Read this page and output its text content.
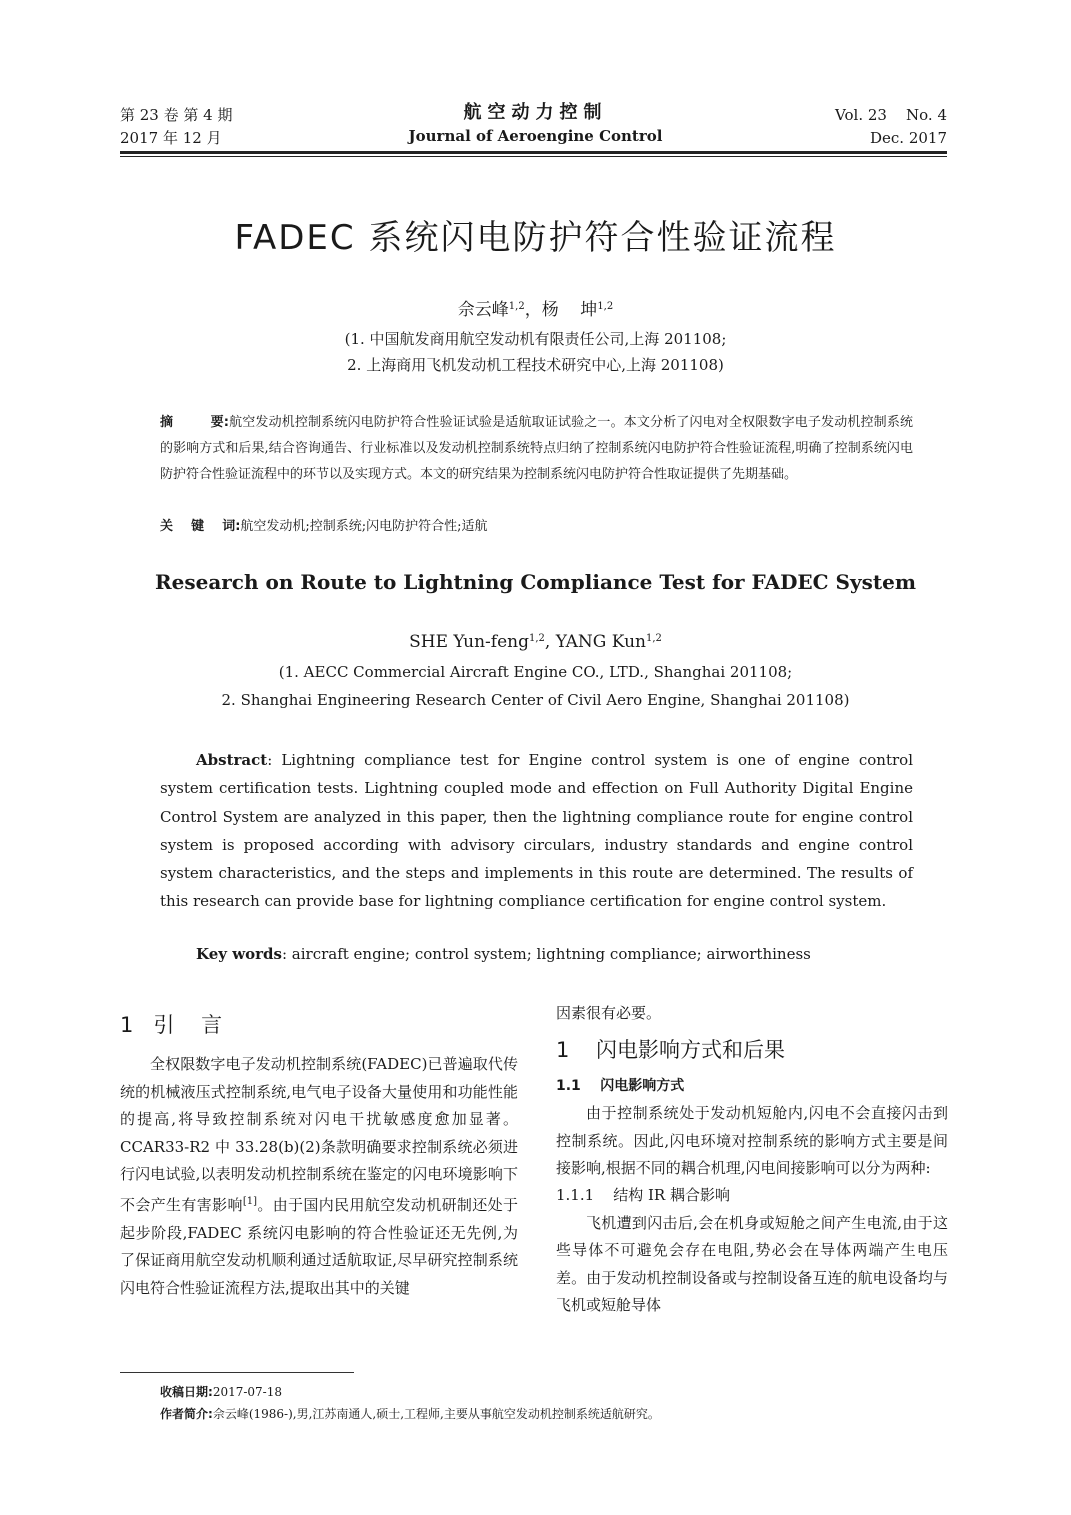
第 23 卷 第 4 期
2017 年 12 月
航空动力控制
Journal of Aeroengine Control
Vol. 23    No. 4
Dec. 2017
FADEC 系统闪电防护符合性验证流程
佘云峰$^{1,2}$，杨    坤$^{1,2}$
(1. 中国航发商用航空发动机有限责任公司,上海 201108;
2. 上海商用飞机发动机工程技术研究中心,上海 201108)
摘        要:航空发动机控制系统闪电防护符合性验证试验是适航取证试验之一。本文分析了闪电对全权限数字电子发动机控制系统的影响方式和后果,结合咨询通告、行业标准以及发动机控制系统特点归纳了控制系统闪电防护符合性验证流程,明确了控制系统闪电防护符合性验证流程中的环节以及实现方式。本文的研究结果为控制系统闪电防护符合性取证提供了先期基础。
关    键    词:航空发动机;控制系统;闪电防护符合性;适航
Research on Route to Lightning Compliance Test for FADEC System
SHE Yun-feng$^{1,2}$, YANG Kun$^{1,2}$
(1. AECC Commercial Aircraft Engine CO., LTD., Shanghai 201108;
2. Shanghai Engineering Research Center of Civil Aero Engine, Shanghai 201108)

Abstract: Lightning compliance test for Engine control system is one of engine control system certification tests. Lightning coupled mode and effection on Full Authority Digital Engine Control System are analyzed in this paper, then the lightning compliance route for engine control system is proposed according with advisory circulars, industry standards and engine control system characteristics, and the steps and implements in this route are determined. The results of this research can provide base for lightning compliance certification for engine control system.

Key words: aircraft engine; control system; lightning compliance; airworthiness
1   引    言

全权限数字电子发动机控制系统(FADEC)已普遍取代传统的机械液压式控制系统,电气电子设备大量使用和功能性能的提高,将导致控制系统对闪电干扰敏感度愈加显著。CCAR33-R2 中 33.28(b)(2)条款明确要求控制系统必须进行闪电试验,以表明发动机控制系统在鉴定的闪电环境影响下不会产生有害影响[1]。由于国内民用航空发动机研制还处于起步阶段,FADEC 系统闪电影响的符合性验证还无先例,为了保证商用航空发动机顺利通过适航取证,尽早研究控制系统闪电符合性验证流程方法,提取出其中的关键

因素很有必要。
1    闪电影响方式和后果
1.1    闪电影响方式

由于控制系统处于发动机短舱内,闪电不会直接闪击到控制系统。因此,闪电环境对控制系统的影响方式主要是间接影响,根据不同的耦合机理,闪电间接影响可以分为两种:

1.1.1    结构 IR 耦合影响

飞机遭到闪击后,会在机身或短舱之间产生电流,由于这些导体不可避免会存在电阻,势必会在导体两端产生电压差。由于发动机控制设备或与控制设备互连的航电设备均与飞机或短舱导体

收稿日期:2017-07-18
作者简介:佘云峰(1986-),男,江苏南通人,硕士,工程师,主要从事航空发动机控制系统适航研究。
